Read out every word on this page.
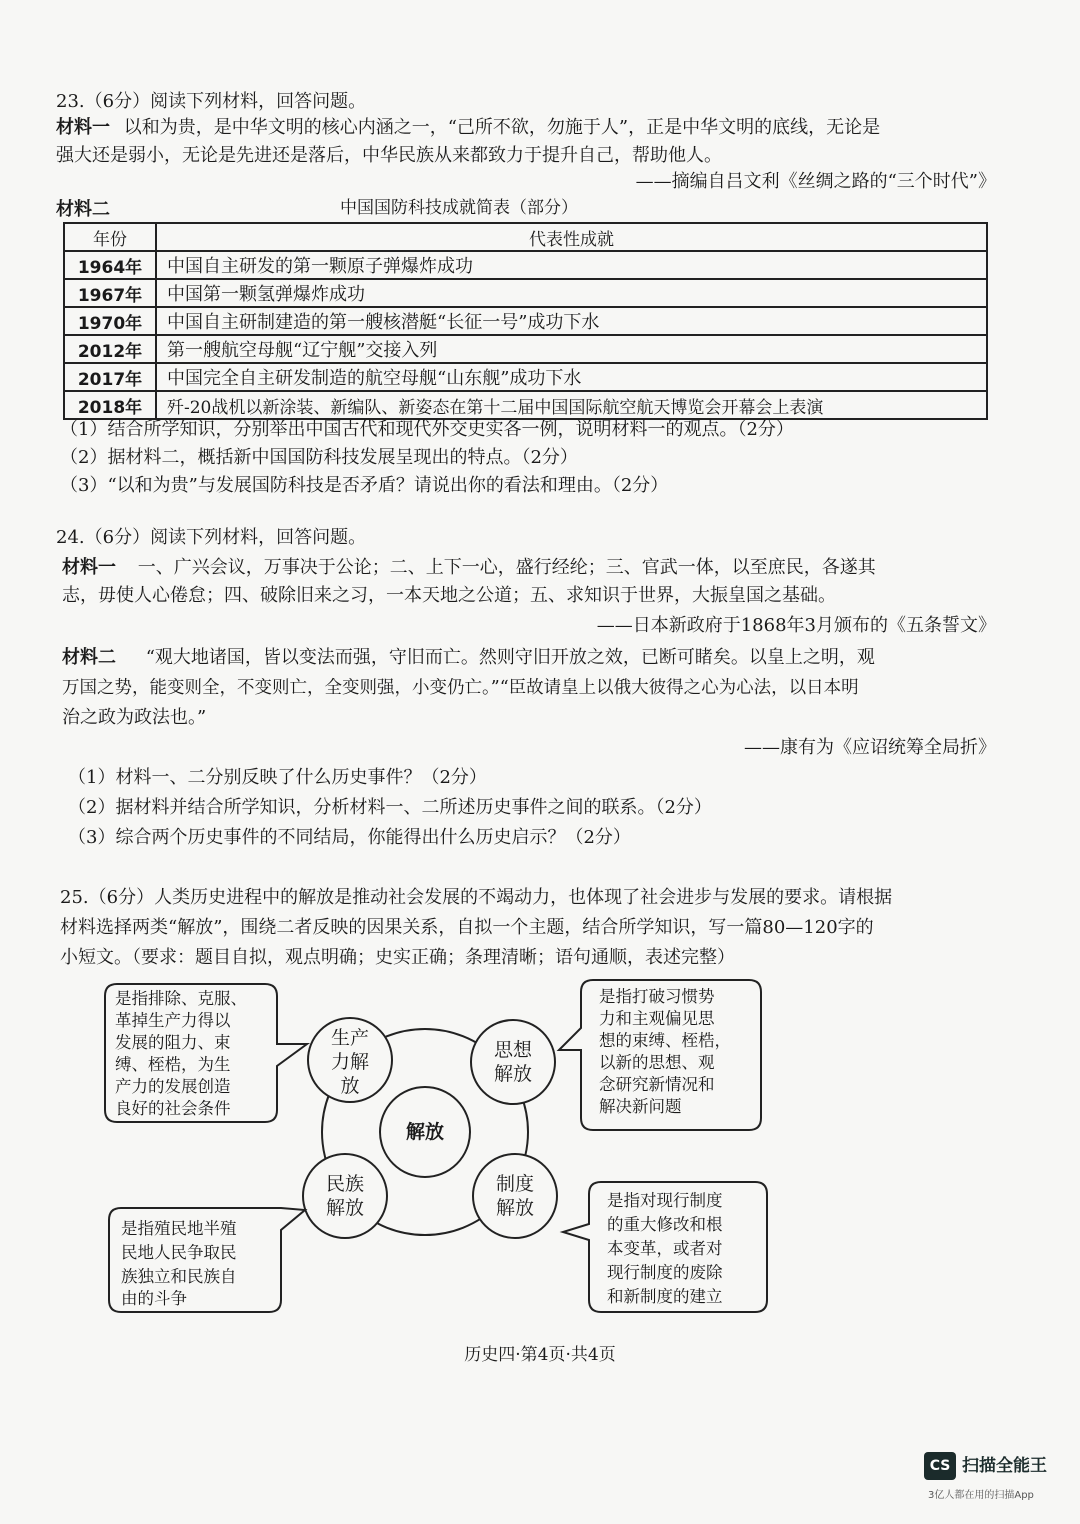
23.（6分）阅读下列材料，回答问题。
材料一 以和为贵，是中华文明的核心内涵之一，“己所不欲，勿施于人”，正是中华文明的底线，无论是
强大还是弱小，无论是先进还是落后，中华民族从来都致力于提升自己，帮助他人。
——摘编自吕文利《丝绸之路的“三个时代”》
材料二	中国国防科技成就简表（部分）
年份	代表性成就
1964年	中国自主研发的第一颗原子弹爆炸成功
1967年	中国第一颗氢弹爆炸成功
1970年	中国自主研制建造的第一艘核潜艇“长征一号”成功下水
2012年	第一艘航空母舰“辽宁舰”交接入列
2017年	中国完全自主研发制造的航空母舰“山东舰”成功下水
2018年	歼-20战机以新涂装、新编队、新姿态在第十二届中国国际航空航天博览会开幕会上表演
（1）结合所学知识，分别举出中国古代和现代外交史实各一例，说明材料一的观点。（2分）
（2）据材料二，概括新中国国防科技发展呈现出的特点。（2分）
（3）“以和为贵”与发展国防科技是否矛盾？请说出你的看法和理由。（2分）
24.（6分）阅读下列材料，回答问题。
材料一 一、广兴会议，万事决于公论；二、上下一心，盛行经纶；三、官武一体，以至庶民，各遂其
志，毋使人心倦怠；四、破除旧来之习，一本天地之公道；五、求知识于世界，大振皇国之基础。
——日本新政府于1868年3月颁布的《五条誓文》
材料二 “观大地诸国，皆以变法而强，守旧而亡。然则守旧开放之效，已断可睹矣。以皇上之明，观
万国之势，能变则全，不变则亡，全变则强，小变仍亡。”“臣故请皇上以俄大彼得之心为心法，以日本明
治之政为政法也。”
——康有为《应诏统筹全局折》
（1）材料一、二分别反映了什么历史事件？（2分）
（2）据材料并结合所学知识，分析材料一、二所述历史事件之间的联系。（2分）
（3）综合两个历史事件的不同结局，你能得出什么历史启示？（2分）
25.（6分）人类历史进程中的解放是推动社会发展的不竭动力，也体现了社会进步与发展的要求。请根据
材料选择两类“解放”，围绕二者反映的因果关系，自拟一个主题，结合所学知识，写一篇80—120字的
小短文。（要求：题目自拟，观点明确；史实正确；条理清晰；语句通顺，表述完整）
解放
生产
力解
放
思想
解放
民族
解放
制度
解放
是指排除、克服、
革掉生产力得以
发展的阻力、束
缚、桎梏，为生
产力的发展创造
良好的社会条件
是指打破习惯势
力和主观偏见思
想的束缚、桎梏，
以新的思想、观
念研究新情况和
解决新问题
是指殖民地半殖
民地人民争取民
族独立和民族自
由的斗争
是指对现行制度
的重大修改和根
本变革，或者对
现行制度的废除
和新制度的建立
历史四·第4页·共4页
CS 扫描全能王
3亿人都在用的扫描App
